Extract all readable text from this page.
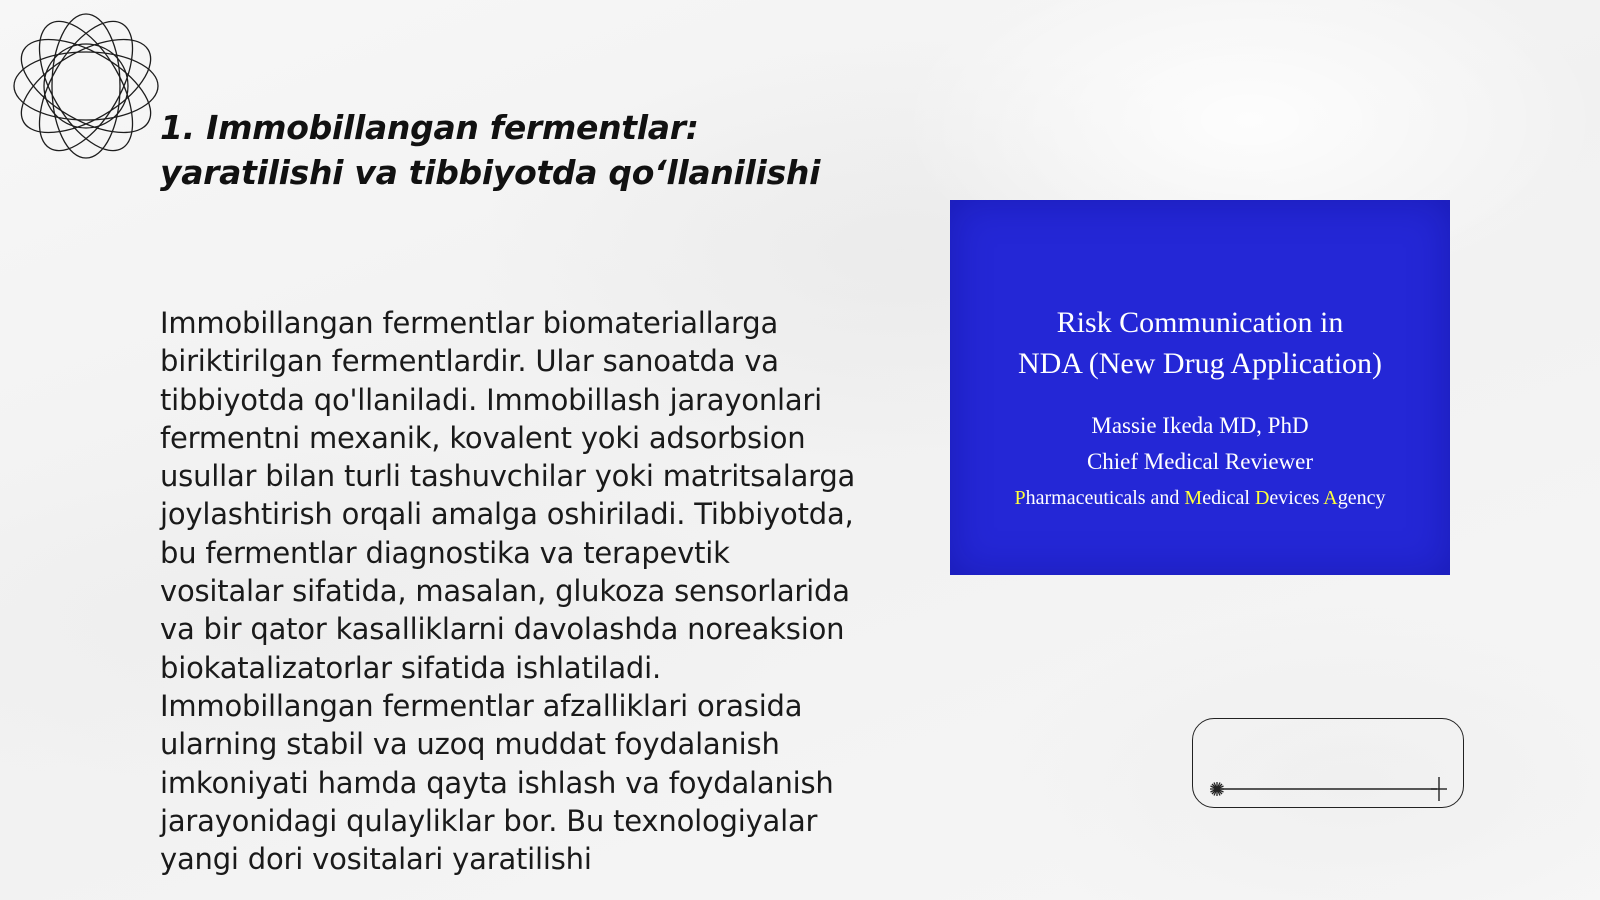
1. Immobillangan fermentlar:
yaratilishi va tibbiyotda qo‘llanilishi

Immobillangan fermentlar biomateriallarga biriktirilgan fermentlardir. Ular sanoatda va tibbiyotda qo'llaniladi. Immobillash jarayonlari fermentni mexanik, kovalent yoki adsorbsion usullar bilan turli tashuvchilar yoki matritsalarga joylashtirish orqali amalga oshiriladi. Tibbiyotda, bu fermentlar diagnostika va terapevtik vositalar sifatida, masalan, glukoza sensorlarida va bir qator kasalliklarni davolashda noreaksion biokatalizatorlar sifatida ishlatiladi. Immobillangan fermentlar afzalliklari orasida ularning stabil va uzoq muddat foydalanish imkoniyati hamda qayta ishlash va foydalanish jarayonidagi qulayliklar bor. Bu texnologiyalar yangi dori vositalari yaratilishi

Risk Communication in
NDA (New Drug Application)
Massie Ikeda MD, PhD
Chief Medical Reviewer
Pharmaceuticals and Medical Devices Agency
